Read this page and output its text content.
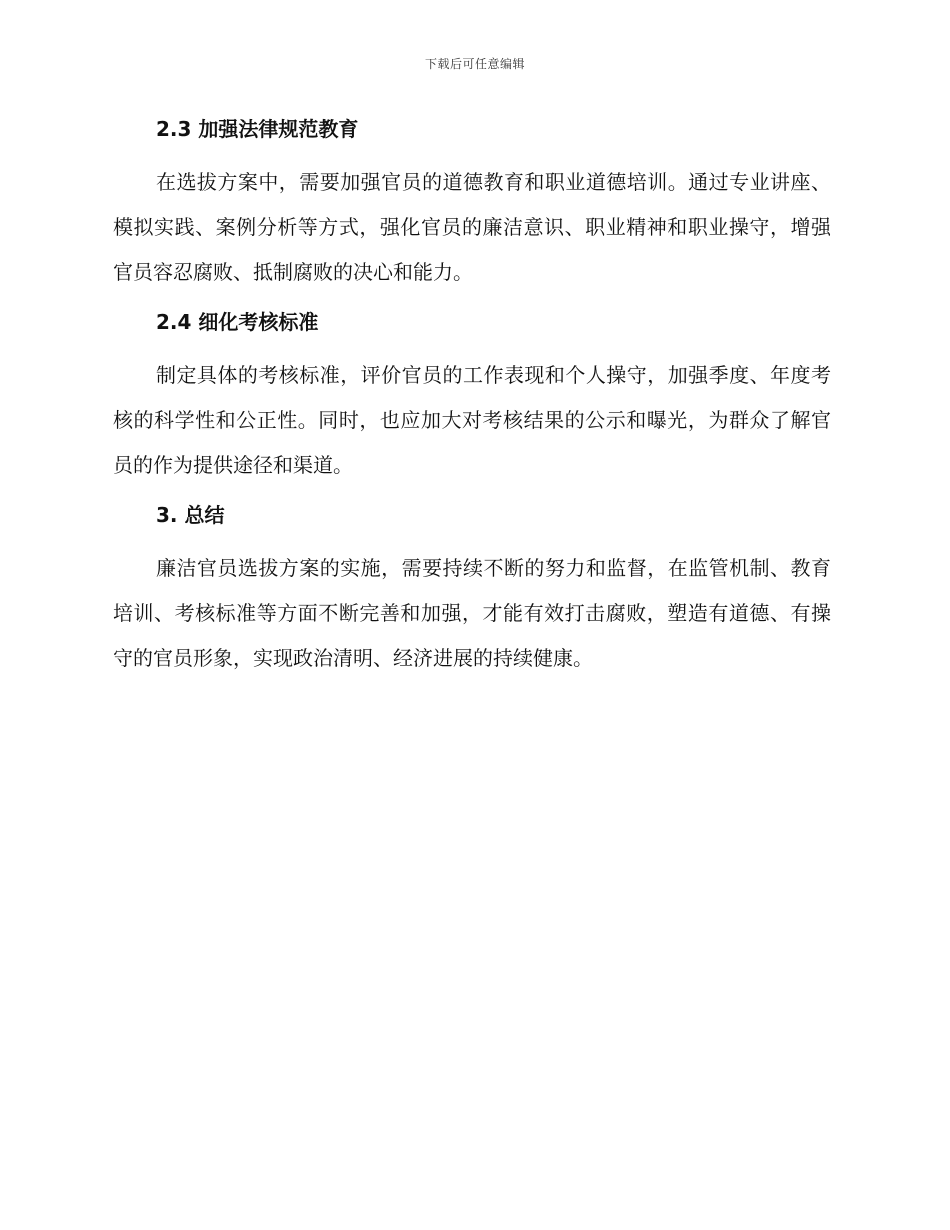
下载后可任意编辑
2.3 加强法律规范教育

在选拔方案中，需要加强官员的道德教育和职业道德培训。通过专业讲座、模拟实践、案例分析等方式，强化官员的廉洁意识、职业精神和职业操守，增强官员容忍腐败、抵制腐败的决心和能力。

2.4 细化考核标准

制定具体的考核标准，评价官员的工作表现和个人操守，加强季度、年度考核的科学性和公正性。同时，也应加大对考核结果的公示和曝光，为群众了解官员的作为提供途径和渠道。

3. 总结

廉洁官员选拔方案的实施，需要持续不断的努力和监督，在监管机制、教育培训、考核标准等方面不断完善和加强，才能有效打击腐败，塑造有道德、有操守的官员形象，实现政治清明、经济进展的持续健康。
